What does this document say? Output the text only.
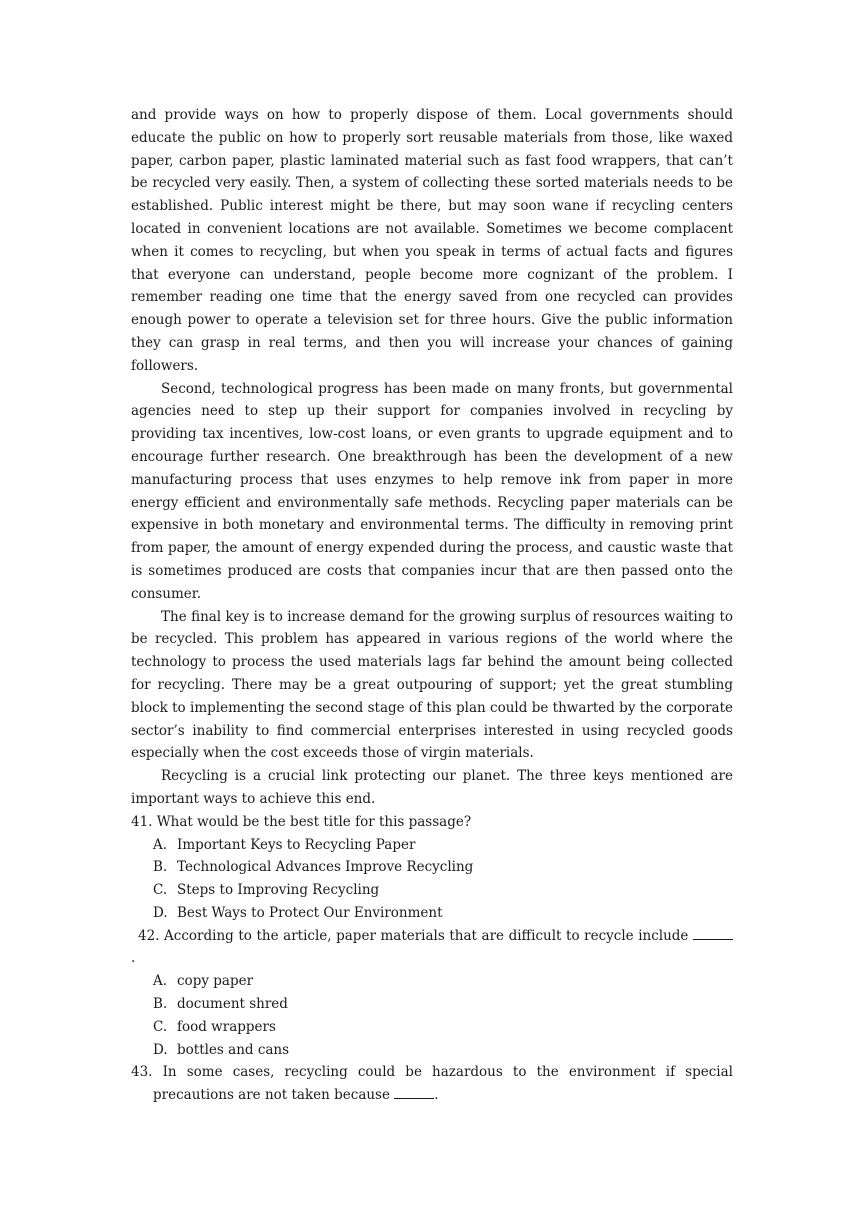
and provide ways on how to properly dispose of them. Local governments should educate the public on how to properly sort reusable materials from those, like waxed paper, carbon paper, plastic laminated material such as fast food wrappers, that can’t be recycled very easily. Then, a system of collecting these sorted materials needs to be established. Public interest might be there, but may soon wane if recycling centers located in convenient locations are not available. Sometimes we become complacent when it comes to recycling, but when you speak in terms of actual facts and figures that everyone can understand, people become more cognizant of the problem. I remember reading one time that the energy saved from one recycled can provides enough power to operate a television set for three hours. Give the public information they can grasp in real terms, and then you will increase your chances of gaining followers.

Second, technological progress has been made on many fronts, but governmental agencies need to step up their support for companies involved in recycling by providing tax incentives, low-cost loans, or even grants to upgrade equipment and to encourage further research. One breakthrough has been the development of a new manufacturing process that uses enzymes to help remove ink from paper in more energy efficient and environmentally safe methods. Recycling paper materials can be expensive in both monetary and environmental terms. The difficulty in removing print from paper, the amount of energy expended during the process, and caustic waste that is sometimes produced are costs that companies incur that are then passed onto the consumer.

The final key is to increase demand for the growing surplus of resources waiting to be recycled. This problem has appeared in various regions of the world where the technology to process the used materials lags far behind the amount being collected for recycling. There may be a great outpouring of support; yet the great stumbling block to implementing the second stage of this plan could be thwarted by the corporate sector’s inability to find commercial enterprises interested in using recycled goods especially when the cost exceeds those of virgin materials.

Recycling is a crucial link protecting our planet. The three keys mentioned are important ways to achieve this end.

41. What would be the best title for this passage?

A. Important Keys to Recycling Paper
B. Technological Advances Improve Recycling
C. Steps to Improving Recycling
D. Best Ways to Protect Our Environment

42. According to the article, paper materials that are difficult to recycle include .

A. copy paper
B. document shred
C. food wrappers
D. bottles and cans

43. In some cases, recycling could be hazardous to the environment if special precautions are not taken because	.
